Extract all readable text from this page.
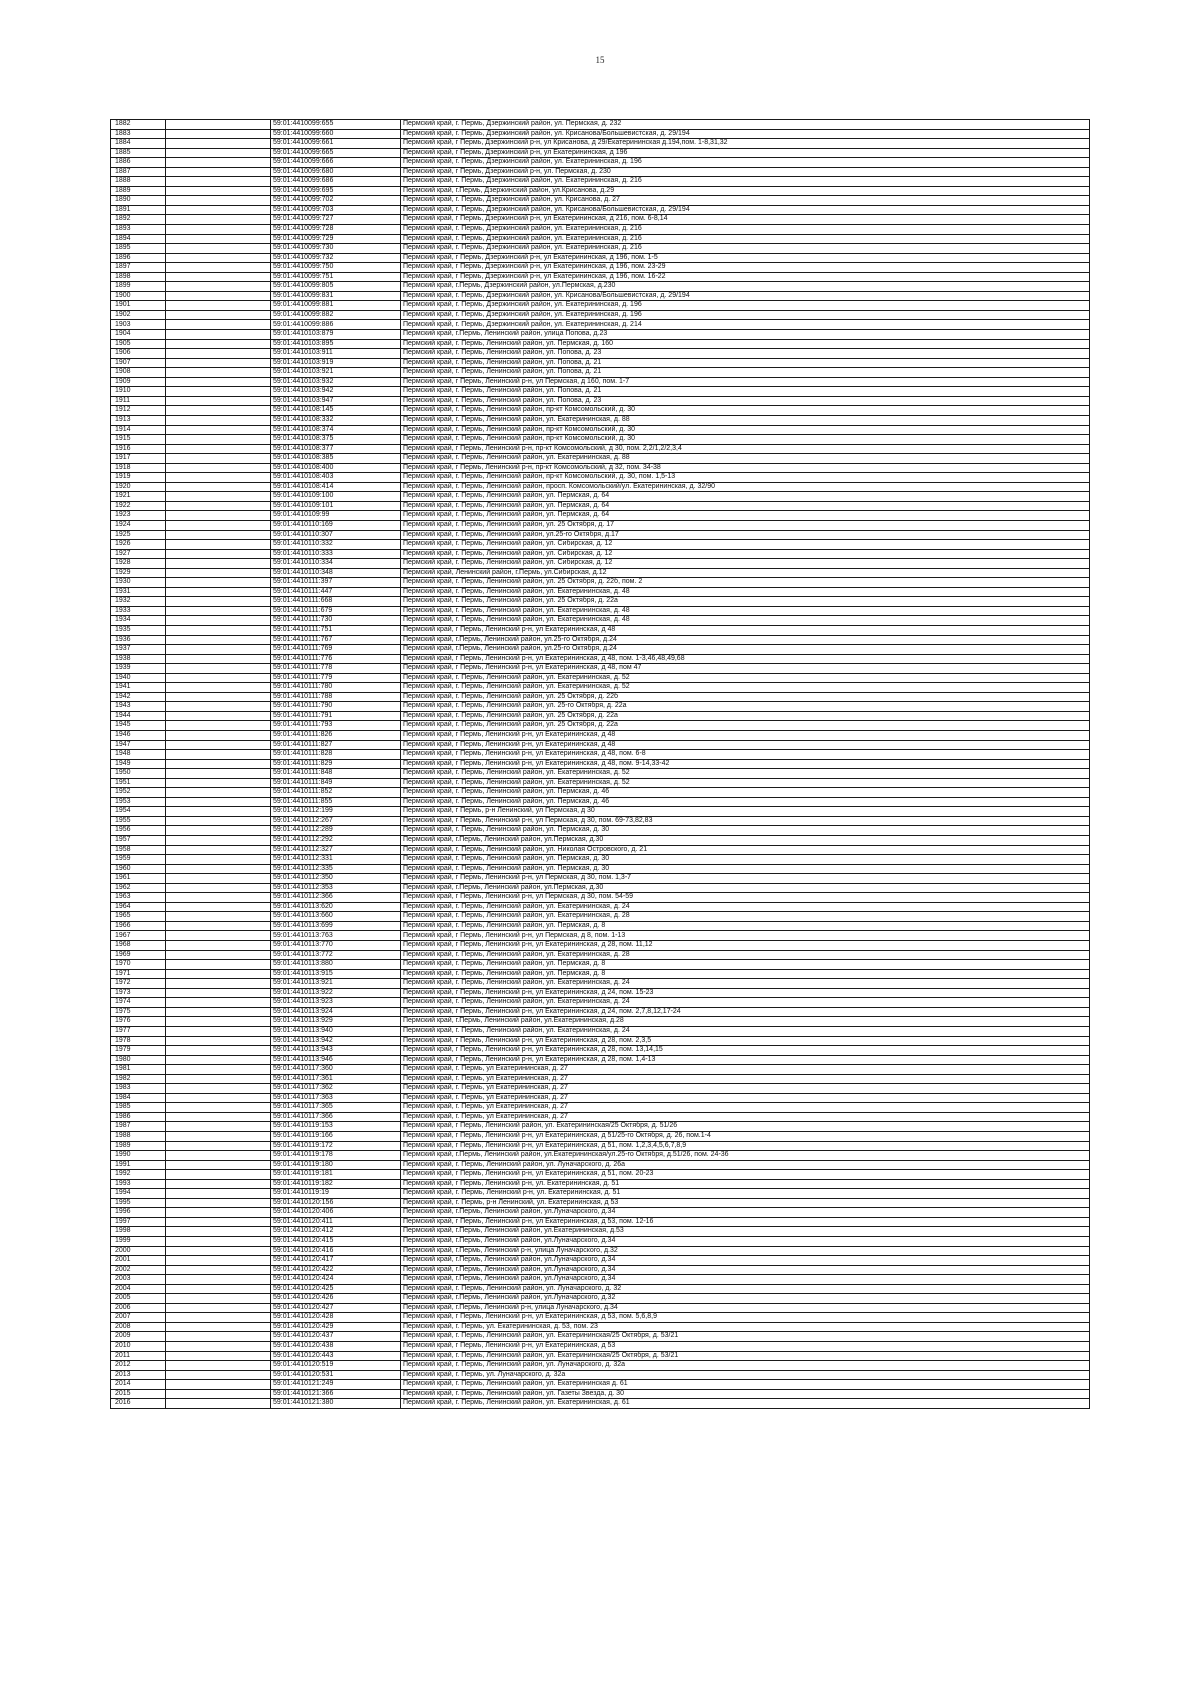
15
1882		59:01:4410099:655	Пермский край, г. Пермь, Дзержинский район, ул. Пермская, д. 232
1883		59:01:4410099:660	Пермский край, г. Пермь, Дзержинский район, ул. Крисанова/Большевистская, д. 29/194
1884		59:01:4410099:661	Пермский край, г Пермь, Дзержинский р-н, ул Крисанова, д 29/Екатерининская д.194,пом. 1-8,31,32
1885		59:01:4410099:665	Пермский край, г Пермь, Дзержинский р-н, ул Екатерининская, д 196
1886		59:01:4410099:666	Пермский край, г. Пермь, Дзержинский район, ул. Екатерининская, д. 196
1887		59:01:4410099:680	Пермский край, г Пермь, Дзержинский р-н, ул. Пермская, д. 230
1888		59:01:4410099:686	Пермский край, г. Пермь, Дзержинский район, ул. Екатерининская, д. 216
1889		59:01:4410099:695	Пермский край, г.Пермь, Дзержинский район, ул.Крисанова, д.29
1890		59:01:4410099:702	Пермский край, г. Пермь, Дзержинский район, ул. Крисанова, д. 27
1891		59:01:4410099:703	Пермский край, г. Пермь, Дзержинский район, ул. Крисанова/Большевистская, д. 29/194
1892		59:01:4410099:727	Пермский край, г Пермь, Дзержинский р-н, ул Екатерининская, д 216, пом. 6-8,14
1893		59:01:4410099:728	Пермский край, г. Пермь, Дзержинский район, ул. Екатерининская, д. 216
1894		59:01:4410099:729	Пермский край, г. Пермь, Дзержинский район, ул. Екатерининская, д. 216
1895		59:01:4410099:730	Пермский край, г. Пермь, Дзержинский район, ул. Екатерининская, д. 216
1896		59:01:4410099:732	Пермский край, г Пермь, Дзержинский р-н, ул Екатерининская, д 196, пом. 1-5
1897		59:01:4410099:750	Пермский край, г Пермь, Дзержинский р-н, ул Екатерининская, д 196, пом. 23-29
1898		59:01:4410099:751	Пермский край, г Пермь, Дзержинский р-н, ул Екатерининская, д 196, пом. 16-22
1899		59:01:4410099:805	Пермский край, г.Пермь, Дзержинский район, ул.Пермская, д.230
1900		59:01:4410099:831	Пермский край, г. Пермь, Дзержинский район, ул. Крисанова/Большевистская, д. 29/194
1901		59:01:4410099:881	Пермский край, г. Пермь, Дзержинский район, ул. Екатерининская, д. 196
1902		59:01:4410099:882	Пермский край, г. Пермь, Дзержинский район, ул. Екатерининская, д. 196
1903		59:01:4410099:886	Пермский край, г. Пермь, Дзержинский район, ул. Екатерининская, д. 214
1904		59:01:4410103:879	Пермский край, г.Пермь, Ленинский район, улица Попова, д.23
1905		59:01:4410103:895	Пермский край, г. Пермь, Ленинский район, ул. Пермская, д. 160
1906		59:01:4410103:911	Пермский край, г. Пермь, Ленинский район, ул. Попова, д. 23
1907		59:01:4410103:919	Пермский край, г. Пермь, Ленинский район, ул. Попова, д. 21
1908		59:01:4410103:921	Пермский край, г. Пермь, Ленинский район, ул. Попова, д. 21
1909		59:01:4410103:932	Пермский край, г Пермь, Ленинский р-н, ул Пермская, д 160, пом. 1-7
1910		59:01:4410103:942	Пермский край, г. Пермь, Ленинский район, ул. Попова, д. 21
1911		59:01:4410103:947	Пермский край, г. Пермь, Ленинский район, ул. Попова, д. 23
1912		59:01:4410108:145	Пермский край, г. Пермь, Ленинский район, пр-кт Комсомольский, д. 30
1913		59:01:4410108:332	Пермский край, г. Пермь, Ленинский район, ул. Екатерининская, д. 88
1914		59:01:4410108:374	Пермский край, г. Пермь, Ленинский район, пр-кт Комсомольский, д. 30
1915		59:01:4410108:375	Пермский край, г. Пермь, Ленинский район, пр-кт Комсомольский, д. 30
1916		59:01:4410108:377	Пермский край, г Пермь, Ленинский р-н, пр-кт Комсомольский, д 30, пом. 2,2/1,2/2,3,4
1917		59:01:4410108:385	Пермский край, г. Пермь, Ленинский район, ул. Екатерининская, д. 88
1918		59:01:4410108:400	Пермский край, г Пермь, Ленинский р-н, пр-кт Комсомольский, д 32, пом. 34-38
1919		59:01:4410108:403	Пермский край, г. Пермь, Ленинский район, пр-кт Комсомольский, д. 30, пом. 1,5-13
1920		59:01:4410108:414	Пермский край, г. Пермь, Ленинский район, просп. Комсомольский/ул. Екатерининская, д. 32/90
1921		59:01:4410109:100	Пермский край, г. Пермь, Ленинский район, ул. Пермская, д. 64
1922		59:01:4410109:101	Пермский край, г. Пермь, Ленинский район, ул. Пермская, д. 64
1923		59:01:4410109:99	Пермский край, г. Пермь, Ленинский район, ул. Пермская, д. 64
1924		59:01:4410110:169	Пермский край, г. Пермь, Ленинский район, ул. 25 Октября, д. 17
1925		59:01:4410110:307	Пермский край, г. Пермь, Ленинский район, ул.25-го Октября, д.17
1926		59:01:4410110:332	Пермский край, г. Пермь, Ленинский район, ул. Сибирская, д. 12
1927		59:01:4410110:333	Пермский край, г. Пермь, Ленинский район, ул. Сибирская, д. 12
1928		59:01:4410110:334	Пермский край, г. Пермь, Ленинский район, ул. Сибирская, д. 12
1929		59:01:4410110:348	Пермский край, Ленинский район, г.Пермь, ул.Сибирская, д.12
1930		59:01:4410111:397	Пермский край, г. Пермь, Ленинский район, ул. 25 Октября, д. 22б, пом. 2
1931		59:01:4410111:447	Пермский край, г. Пермь, Ленинский район, ул. Екатерининская, д. 48
1932		59:01:4410111:668	Пермский край, г. Пермь, Ленинский район, ул. 25 Октября, д. 22а
1933		59:01:4410111:679	Пермский край, г. Пермь, Ленинский район, ул. Екатерининская, д. 48
1934		59:01:4410111:730	Пермский край, г. Пермь, Ленинский район, ул. Екатерининская, д. 48
1935		59:01:4410111:751	Пермский край, г Пермь, Ленинский р-н, ул Екатерининская, д 48
1936		59:01:4410111:767	Пермский край, г.Пермь, Ленинский район, ул.25-го Октября, д.24
1937		59:01:4410111:769	Пермский край, г.Пермь, Ленинский район, ул.25-го Октября, д.24
1938		59:01:4410111:776	Пермский край, г Пермь, Ленинский р-н, ул Екатерининская, д 48, пом. 1-3,46,48,49,68
1939		59:01:4410111:778	Пермский край, г Пермь, Ленинский р-н, ул Екатерининская, д 48, пом 47
1940		59:01:4410111:779	Пермский край, г. Пермь, Ленинский район, ул. Екатерининская, д. 52
1941		59:01:4410111:780	Пермский край, г. Пермь, Ленинский район, ул. Екатерининская, д. 52
1942		59:01:4410111:788	Пермский край, г. Пермь, Ленинский район, ул. 25 Октября, д. 22б
1943		59:01:4410111:790	Пермский край, г. Пермь, Ленинский район, ул. 25-го Октября, д. 22а
1944		59:01:4410111:791	Пермский край, г. Пермь, Ленинский район, ул. 25 Октября, д. 22а
1945		59:01:4410111:793	Пермский край, г. Пермь, Ленинский район, ул. 25 Октября, д. 22а
1946		59:01:4410111:826	Пермский край, г Пермь, Ленинский р-н, ул Екатерининская, д 48
1947		59:01:4410111:827	Пермский край, г Пермь, Ленинский р-н, ул Екатерининская, д 48
1948		59:01:4410111:828	Пермский край, г Пермь, Ленинский р-н, ул Екатерининская, д 48, пом. 6-8
1949		59:01:4410111:829	Пермский край, г Пермь, Ленинский р-н, ул Екатерининская, д 48, пом. 9-14,33-42
1950		59:01:4410111:848	Пермский край, г. Пермь, Ленинский район, ул. Екатерининская, д. 52
1951		59:01:4410111:849	Пермский край, г. Пермь, Ленинский район, ул. Екатерининская, д. 52
1952		59:01:4410111:852	Пермский край, г. Пермь, Ленинский район, ул. Пермская, д. 46
1953		59:01:4410111:855	Пермский край, г. Пермь, Ленинский район, ул. Пермская, д. 46
1954		59:01:4410112:199	Пермский край, г Пермь, р-н Ленинский, ул Пермская, д 30
1955		59:01:4410112:267	Пермский край, г Пермь, Ленинский р-н, ул Пермская, д 30, пом. 69-73,82,83
1956		59:01:4410112:289	Пермский край, г. Пермь, Ленинский район, ул. Пермская, д. 30
1957		59:01:4410112:292	Пермский край, г.Пермь, Ленинский район, ул.Пермская, д.30
1958		59:01:4410112:327	Пермский край, г. Пермь, Ленинский район, ул. Николая Островского, д. 21
1959		59:01:4410112:331	Пермский край, г. Пермь, Ленинский район, ул. Пермская, д. 30
1960		59:01:4410112:335	Пермский край, г. Пермь, Ленинский район, ул. Пермская, д. 30
1961		59:01:4410112:350	Пермский край, г Пермь, Ленинский р-н, ул Пермская, д 30, пом. 1,3-7
1962		59:01:4410112:353	Пермский край, г.Пермь, Ленинский район, ул.Пермская, д.30
1963		59:01:4410112:366	Пермский край, г Пермь, Ленинский р-н, ул Пермская, д 30, пом. 54-59
1964		59:01:4410113:620	Пермский край, г. Пермь, Ленинский район, ул. Екатерининская, д. 24
1965		59:01:4410113:660	Пермский край, г. Пермь, Ленинский район, ул. Екатерининская, д. 28
1966		59:01:4410113:699	Пермский край, г. Пермь, Ленинский район, ул. Пермская, д. 8
1967		59:01:4410113:763	Пермский край, г Пермь, Ленинский р-н, ул Пермская, д 8, пом. 1-13
1968		59:01:4410113:770	Пермский край, г Пермь, Ленинский р-н, ул Екатерининская, д 28, пом. 11,12
1969		59:01:4410113:772	Пермский край, г. Пермь, Ленинский район, ул. Екатерининская, д. 28
1970		59:01:4410113:880	Пермский край, г. Пермь, Ленинский район, ул. Пермская, д. 8
1971		59:01:4410113:915	Пермский край, г. Пермь, Ленинский район, ул. Пермская, д. 8
1972		59:01:4410113:921	Пермский край, г. Пермь, Ленинский район, ул. Екатерининская, д. 24
1973		59:01:4410113:922	Пермский край, г Пермь, Ленинский р-н, ул Екатерининская, д 24, пом. 15-23
1974		59:01:4410113:923	Пермский край, г. Пермь, Ленинский район, ул. Екатерининская, д. 24
1975		59:01:4410113:924	Пермский край, г Пермь, Ленинский р-н, ул Екатерининская, д 24, пом. 2,7,8,12,17-24
1976		59:01:4410113:929	Пермский край, г.Пермь, Ленинский район, ул.Екатерининская, д.28
1977		59:01:4410113:940	Пермский край, г. Пермь, Ленинский район, ул. Екатерининская, д. 24
1978		59:01:4410113:942	Пермский край, г Пермь, Ленинский р-н, ул Екатерининская, д 28, пом. 2,3,5
1979		59:01:4410113:943	Пермский край, г Пермь, Ленинский р-н, ул Екатерининская, д 28, пом. 13,14,15
1980		59:01:4410113:946	Пермский край, г Пермь, Ленинский р-н, ул Екатерининская, д 28, пом. 1,4-13
1981		59:01:4410117:360	Пермский край, г. Пермь, ул Екатерининская, д. 27
1982		59:01:4410117:361	Пермский край, г. Пермь, ул Екатерининская, д. 27
1983		59:01:4410117:362	Пермский край, г. Пермь, ул Екатерининская, д. 27
1984		59:01:4410117:363	Пермский край, г. Пермь, ул Екатерининская, д. 27
1985		59:01:4410117:365	Пермский край, г. Пермь, ул Екатерининская, д. 27
1986		59:01:4410117:366	Пермский край, г. Пермь, ул Екатерининская, д. 27
1987		59:01:4410119:153	Пермский край, г Пермь, Ленинский район, ул. Екатерининская/25 Октября, д. 51/26
1988		59:01:4410119:166	Пермский край, г Пермь, Ленинский р-н, ул Екатерининская, д 51/25-го Октября, д. 26, пом.1-4
1989		59:01:4410119:172	Пермский край, г Пермь, Ленинский р-н, ул Екатерининская, д 51, пом. 1,2,3,4,5,6,7,8,9
1990		59:01:4410119:178	Пермский край, г.Пермь, Ленинский район, ул.Екатерининская/ул.25-го Октября, д.51/26, пом. 24-36
1991		59:01:4410119:180	Пермский край, г. Пермь, Ленинский район, ул. Луначарского, д. 26а
1992		59:01:4410119:181	Пермский край, г Пермь, Ленинский р-н, ул Екатерининская, д 51, пом. 20-23
1993		59:01:4410119:182	Пермский край, г Пермь, Ленинский р-н, ул. Екатерининская, д. 51
1994		59:01:4410119:19	Пермский край, г. Пермь, Ленинский р-н, ул. Екатерининская, д. 51
1995		59:01:4410120:156	Пермский край, г. Пермь, р-н Ленинский, ул. Екатерининская, д 53
1996		59:01:4410120:406	Пермский край, г.Пермь, Ленинский район, ул.Луначарского, д.34
1997		59:01:4410120:411	Пермский край, г Пермь, Ленинский р-н, ул Екатерининская, д 53, пом. 12-16
1998		59:01:4410120:412	Пермский край, г.Пермь, Ленинский район, ул.Екатерининская, д.53
1999		59:01:4410120:415	Пермский край, г.Пермь, Ленинский район, ул.Луначарского, д.34
2000		59:01:4410120:416	Пермский край, г.Пермь, Ленинский р-н, улица Луначарского, д.32
2001		59:01:4410120:417	Пермский край, г.Пермь, Ленинский район, ул.Луначарского, д.34
2002		59:01:4410120:422	Пермский край, г.Пермь, Ленинский район, ул.Луначарского, д.34
2003		59:01:4410120:424	Пермский край, г.Пермь, Ленинский район, ул.Луначарского, д.34
2004		59:01:4410120:425	Пермский край, г. Пермь, Ленинский район, ул. Луначарского, д. 32
2005		59:01:4410120:426	Пермский край, г.Пермь, Ленинский район, ул.Луначарского, д.32
2006		59:01:4410120:427	Пермский край, г.Пермь, Ленинский р-н, улица Луначарского, д.34
2007		59:01:4410120:428	Пермский край, г Пермь, Ленинский р-н, ул Екатерининская, д 53, пом. 5,6,8,9
2008		59:01:4410120:429	Пермский край, г. Пермь, ул. Екатерининская, д. 53, пом. 23
2009		59:01:4410120:437	Пермский край, г. Пермь, Ленинский район, ул. Екатерининская/25 Октября, д. 53/21
2010		59:01:4410120:438	Пермский край, г Пермь, Ленинский р-н, ул Екатерининская, д 53
2011		59:01:4410120:443	Пермский край, г. Пермь, Ленинский район, ул. Екатерининская/25 Октября, д. 53/21
2012		59:01:4410120:519	Пермский край, г. Пермь, Ленинский район, ул. Луначарского, д. 32а
2013		59:01:4410120:531	Пермский край, г. Пермь, ул. Луначарского, д. 32а
2014		59:01:4410121:249	Пермский край, г. Пермь, Ленинский район, ул. Екатерининская д. 61
2015		59:01:4410121:366	Пермский край, г. Пермь, Ленинский район, ул. Газеты Звезда, д. 30
2016		59:01:4410121:380	Пермский край, г. Пермь, Ленинский район, ул. Екатерининская, д. 61
